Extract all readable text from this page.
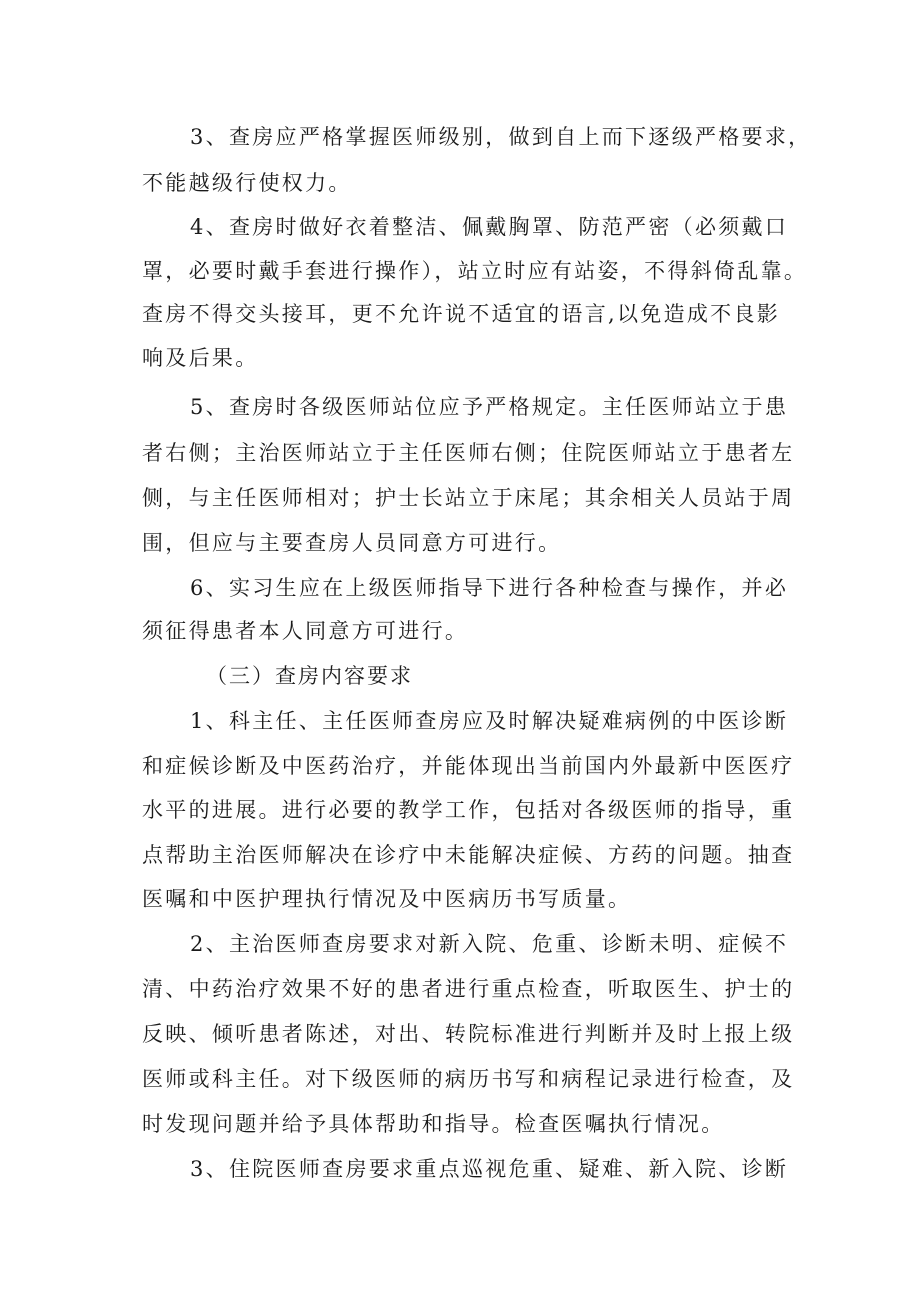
3、查房应严格掌握医师级别，做到自上而下逐级严格要求，
不能越级行使权力。
4、查房时做好衣着整洁、佩戴胸罩、防范严密（必须戴口
罩，必要时戴手套进行操作），站立时应有站姿，不得斜倚乱靠。
查房不得交头接耳，更不允许说不适宜的语言,以免造成不良影
响及后果。
5、查房时各级医师站位应予严格规定。主任医师站立于患
者右侧；主治医师站立于主任医师右侧；住院医师站立于患者左
侧，与主任医师相对；护士长站立于床尾；其余相关人员站于周
围，但应与主要查房人员同意方可进行。
6、实习生应在上级医师指导下进行各种检查与操作，并必
须征得患者本人同意方可进行。
（三）查房内容要求
1、科主任、主任医师查房应及时解决疑难病例的中医诊断
和症候诊断及中医药治疗，并能体现出当前国内外最新中医医疗
水平的进展。进行必要的教学工作，包括对各级医师的指导，重
点帮助主治医师解决在诊疗中未能解决症候、方药的问题。抽查
医嘱和中医护理执行情况及中医病历书写质量。
2、主治医师查房要求对新入院、危重、诊断未明、症候不
清、中药治疗效果不好的患者进行重点检查，听取医生、护士的
反映、倾听患者陈述，对出、转院标准进行判断并及时上报上级
医师或科主任。对下级医师的病历书写和病程记录进行检查，及
时发现问题并给予具体帮助和指导。检查医嘱执行情况。
3、住院医师查房要求重点巡视危重、疑难、新入院、诊断
